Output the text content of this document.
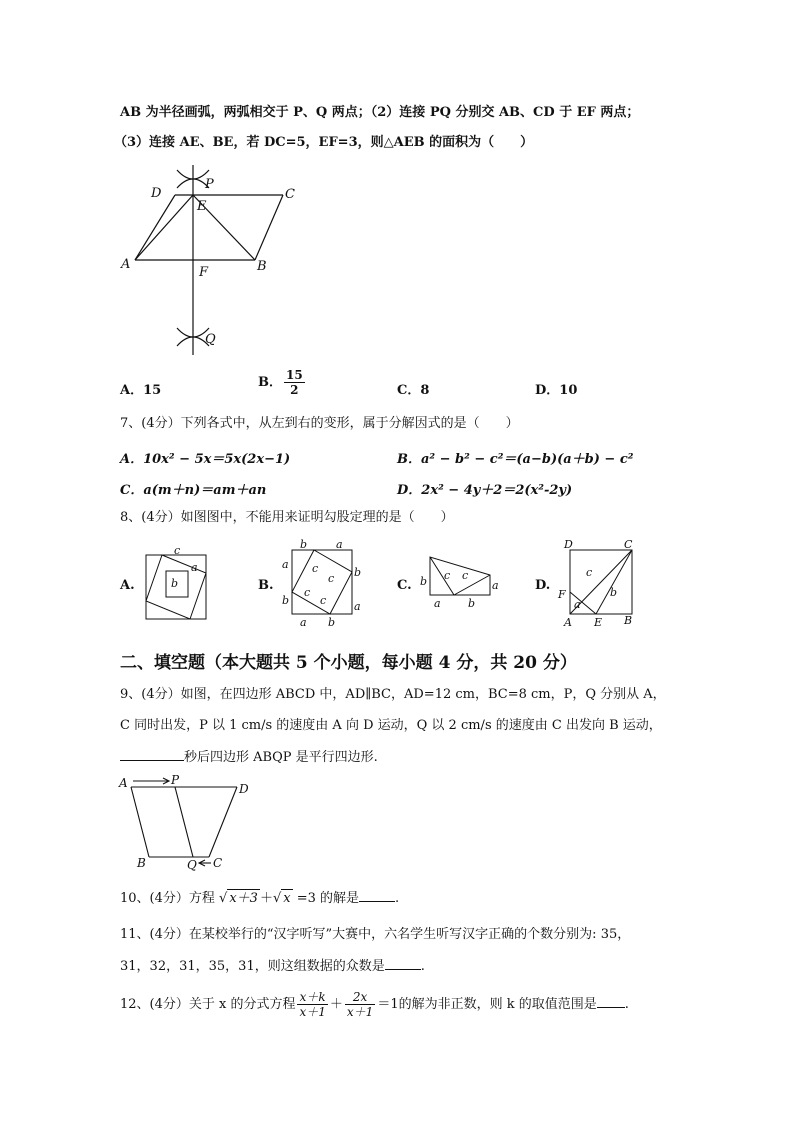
AB 为半径画弧，两弧相交于 P、Q 两点；（2）连接 PQ 分别交 AB、CD 于 EF 两点；
（3）连接 AE、BE，若 DC=5，EF=3，则△AEB 的面积为（　　）
D
P
C
E
A
F	B
Q
A．15
B． $\frac{15}{2}$	C．8	D．10
7、(4分）下列各式中，从左到右的变形，属于分解因式的是（　　）
A．10x² − 5x＝5x(2x−1)	B．a² − b² − c²＝(a−b)(a＋b) − c²
C．a(m＋n)＝am＋an	D．2x² − 4y＋2＝2(x²-2y)
8、(4分）如图图中，不能用来证明勾股定理的是（　　）
A.	B.	C.	D.
c
a
b
b	a
a
b
b	a
a b
c
c
c
c
b c c
a
a b
D	C
c
F	b
a
A E B
二、填空题（本大题共 5 个小题，每小题 4 分，共 20 分）
9、(4分）如图，在四边形 ABCD 中，AD∥BC，AD=12 cm，BC=8 cm，P，Q 分别从 A，
C 同时出发，P 以 1 cm/s 的速度由 A 向 D 运动，Q 以 2 cm/s 的速度由 C 出发向 B 运动，
秒后四边形 ABQP 是平行四边形.
A	P
D
B	Q C
10、(4分）方程 √ x＋3 ＋√ x =3 的解是	.
11、(4分）在某校举行的“汉字听写”大赛中，六名学生听写汉字正确的个数分别为: 35，
31，32，31，35，31，则这组数据的众数是	.
12、(4分）关于 x 的分式方程 $\frac{x+k}{x+1} + \frac{2x}{x+1} =1$的解为非正数，则 k 的取值范围是 .
